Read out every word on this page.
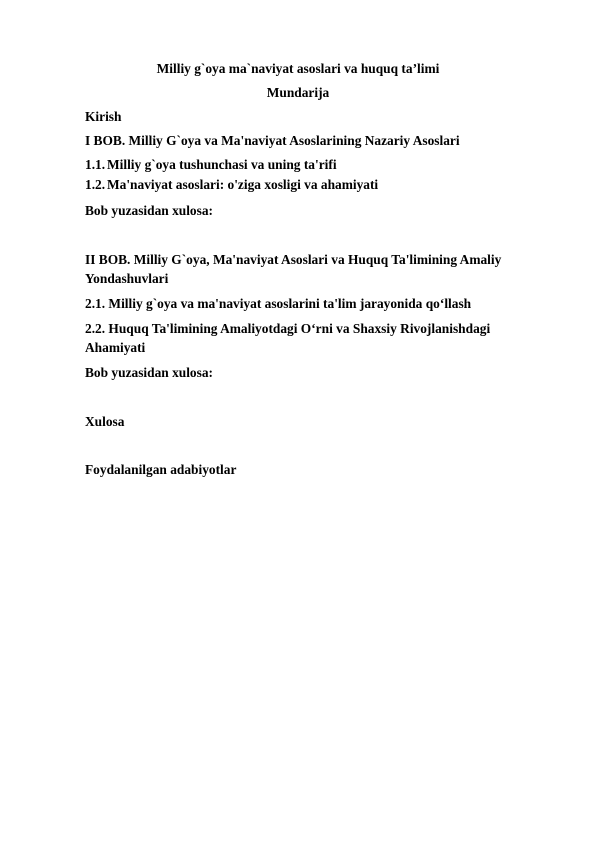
Milliy g`oya ma`naviyat asoslari va huquq ta’limi
Mundarija
Kirish
I BOB. Milliy G`oya va Ma'naviyat Asoslarining Nazariy Asoslari
1.1. Milliy g`oya tushunchasi va uning ta'rifi
1.2. Ma'naviyat asoslari: o'ziga xosligi va ahamiyati
Bob yuzasidan xulosa:
II BOB. Milliy G`oya, Ma'naviyat Asoslari va Huquq Ta'limining Amaliy
Yondashuvlari
2.1. Milliy g`oya va ma'naviyat asoslarini ta'lim jarayonida qo‘llash
2.2. Huquq Ta'limining Amaliyotdagi O‘rni va Shaxsiy Rivojlanishdagi
Ahamiyati
Bob yuzasidan xulosa:
Xulosa
Foydalanilgan adabiyotlar
